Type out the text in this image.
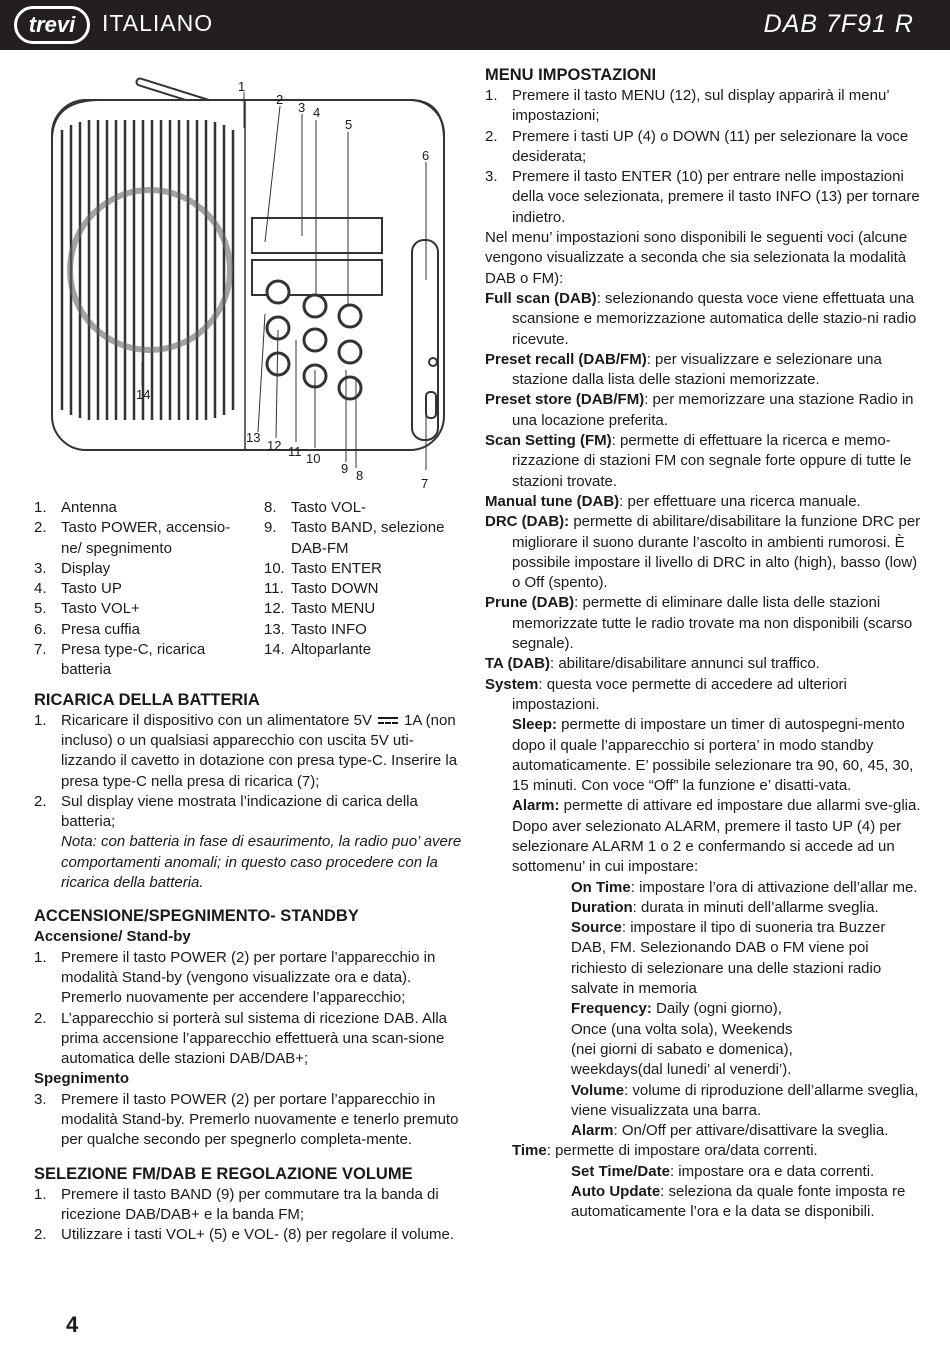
trevi	ITALIANO	DAB 7F91 R
1
2
3 4
5
6
7
8
9
10
11
12
13
14
1. Antenna
2. Tasto POWER, accensio-ne/ spegnimento
3. Display
4. Tasto UP
5. Tasto VOL+
6. Presa cuffia
7. Presa type-C, ricarica batteria
8. Tasto VOL-
9. Tasto BAND, selezione DAB-FM
10. Tasto ENTER
11. Tasto DOWN
12. Tasto MENU
13. Tasto INFO
14. Altoparlante
RICARICA DELLA BATTERIA
1. Ricaricare il dispositivo con un alimentatore 5V 1A (non incluso) o un qualsiasi apparecchio con uscita 5V uti-lizzando il cavetto in dotazione con presa type-C. Inserire la presa type-C nella presa di ricarica (7);
2. Sul display viene mostrata l’indicazione di carica della batteria;
Nota: con batteria in fase di esaurimento, la radio puo’ avere comportamenti anomali; in questo caso procedere con la ricarica della batteria.
ACCENSIONE/SPEGNIMENTO- STANDBY
Accensione/ Stand-by
1. Premere il tasto POWER (2) per portare l’apparecchio in modalità Stand-by (vengono visualizzate ora e data). Premerlo nuovamente per accendere l’apparecchio;
2. L’apparecchio si porterà sul sistema di ricezione DAB. Alla prima accensione l’apparecchio effettuerà una scan-sione automatica delle stazioni DAB/DAB+;
Spegnimento
3. Premere il tasto POWER (2) per portare l’apparecchio in modalità Stand-by. Premerlo nuovamente e tenerlo premuto per qualche secondo per spegnerlo completa-mente.
SELEZIONE FM/DAB E REGOLAZIONE VOLUME
1. Premere il tasto BAND (9) per commutare tra la banda di ricezione DAB/DAB+ e la banda FM;
2. Utilizzare i tasti VOL+ (5) e VOL- (8) per regolare il volume.
MENU IMPOSTAZIONI
1. Premere il tasto MENU (12), sul display apparirà il menu’ impostazioni;
2. Premere i tasti UP (4) o DOWN (11) per selezionare la voce desiderata;
3. Premere il tasto ENTER (10) per entrare nelle impostazioni della voce selezionata, premere il tasto INFO (13) per tornare indietro.

Nel menu’ impostazioni sono disponibili le seguenti voci (alcune vengono visualizzate a seconda che sia selezionata la modalità DAB o FM):

Full scan (DAB): selezionando questa voce viene effettuata una scansione e memorizzazione automatica delle stazio-ni radio ricevute.

Preset recall (DAB/FM): per visualizzare e selezionare una stazione dalla lista delle stazioni memorizzate.

Preset store (DAB/FM): per memorizzare una stazione Radio in una locazione preferita.

Scan Setting (FM): permette di effettuare la ricerca e memo-rizzazione di stazioni FM con segnale forte oppure di tutte le stazioni trovate.

Manual tune (DAB): per effettuare una ricerca manuale.

DRC (DAB): permette di abilitare/disabilitare la funzione DRC per migliorare il suono durante l’ascolto in ambienti rumorosi. È possibile impostare il livello di DRC in alto (high), basso (low) o Off (spento).

Prune (DAB): permette di eliminare dalle lista delle stazioni memorizzate tutte le radio trovate ma non disponibili (scarso segnale).

TA (DAB): abilitare/disabilitare annunci sul traffico.

System: questa voce permette di accedere ad ulteriori impostazioni.

Sleep: permette di impostare un timer di autospegni-mento dopo il quale l’apparecchio si portera’ in modo standby automaticamente. E’ possibile selezionare tra 90, 60, 45, 30, 15 minuti. Con voce “Off” la funzione e’ disatti-vata.

Alarm: permette di attivare ed impostare due allarmi sve-glia. Dopo aver selezionato ALARM, premere il tasto UP (4) per selezionare ALARM 1 o 2 e confermando si accede ad un sottomenu’ in cui impostare:

On Time: impostare l’ora di attivazione dell’allar me.

Duration: durata in minuti dell’allarme sveglia.

Source: impostare il tipo di suoneria tra Buzzer DAB, FM. Selezionando DAB o FM viene poi richiesto di selezionare una delle stazioni radio salvate in memoria

Frequency: Daily (ogni giorno), Once (una volta sola), Weekends (nei giorni di sabato e domenica), weekdays(dal lunedi’ al venerdi’).

Volume: volume di riproduzione dell’allarme sveglia, viene visualizzata una barra.

Alarm: On/Off per attivare/disattivare la sveglia.

Time: permette di impostare ora/data correnti.

Set Time/Date: impostare ora e data correnti.

Auto Update: seleziona da quale fonte imposta re automaticamente l’ora e la data se disponibili.

4
